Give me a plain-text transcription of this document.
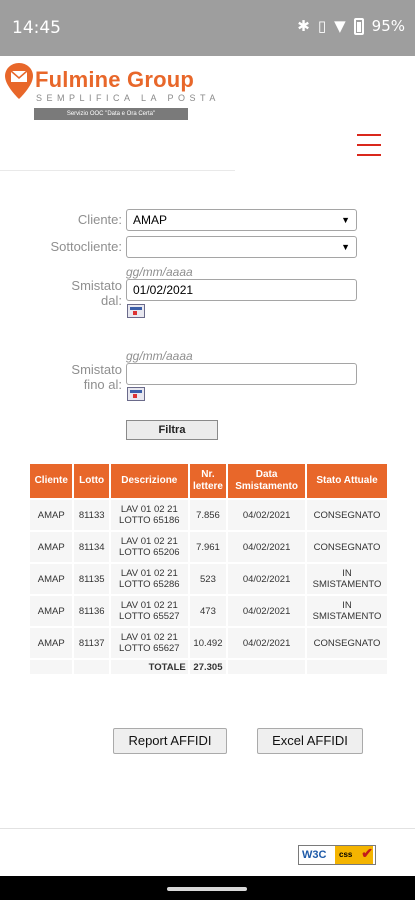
14:45	✱ ▯ ▼ 95%
Fulmine Group
SEMPLIFICA LA POSTA
Servizio OOC "Data e Ora Certa"
Cliente: AMAP	▼
Sottocliente:	▼
gg/mm/aaaa
Smistato
dal:
01/02/2021
gg/mm/aaaa
Smistato
fino al:
Filtra
Cliente	Lotto	Descrizione	Nr. lettere	Data Smistamento	Stato Attuale
AMAP	81133	LAV 01 02 21 LOTTO 65186	7.856	04/02/2021	CONSEGNATO
AMAP	81134	LAV 01 02 21 LOTTO 65206	7.961	04/02/2021	CONSEGNATO
AMAP	81135	LAV 01 02 21 LOTTO 65286	523	04/02/2021	IN SMISTAMENTO
AMAP	81136	LAV 01 02 21 LOTTO 65527	473	04/02/2021	IN SMISTAMENTO
AMAP	81137	LAV 01 02 21 LOTTO 65627	10.492	04/02/2021	CONSEGNATO
		TOTALE	27.305		
Report AFFIDI	Excel AFFIDI
W3C	css ✔
